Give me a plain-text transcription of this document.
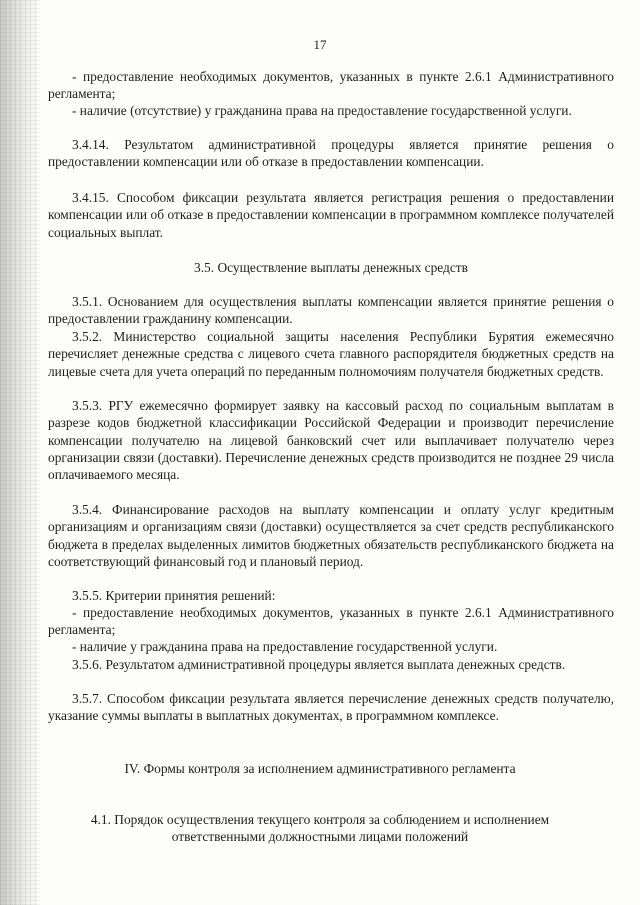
17

- предоставление необходимых документов, указанных в пункте 2.6.1 Административного регламента;

- наличие (отсутствие) у гражданина права на предоставление государственной услуги.

3.4.14. Результатом административной процедуры является принятие решения о предоставлении компенсации или об отказе в предоставлении компенсации.

3.4.15. Способом фиксации результата является регистрация решения о предоставлении компенсации или об отказе в предоставлении компенсации в программном комплексе получателей социальных выплат.

3.5. Осуществление выплаты денежных средств

3.5.1. Основанием для осуществления выплаты компенсации является принятие решения о предоставлении гражданину компенсации.

3.5.2. Министерство социальной защиты населения Республики Бурятия ежемесячно перечисляет денежные средства с лицевого счета главного распорядителя бюджетных средств на лицевые счета для учета операций по переданным полномочиям получателя бюджетных средств.

3.5.3. РГУ ежемесячно формирует заявку на кассовый расход по социальным выплатам в разрезе кодов бюджетной классификации Российской Федерации и производит перечисление компенсации получателю на лицевой банковский счет или выплачивает получателю через организации связи (доставки). Перечисление денежных средств производится не позднее 29 числа оплачиваемого месяца.

3.5.4. Финансирование расходов на выплату компенсации и оплату услуг кредитным организациям и организациям связи (доставки) осуществляется за счет средств республиканского бюджета в пределах выделенных лимитов бюджетных обязательств республиканского бюджета на соответствующий финансовый год и плановый период.

3.5.5. Критерии принятия решений:

- предоставление необходимых документов, указанных в пункте 2.6.1 Административного регламента;

- наличие у гражданина права на предоставление государственной услуги.

3.5.6. Результатом административной процедуры является выплата денежных средств.

3.5.7. Способом фиксации результата является перечисление денежных средств получателю, указание суммы выплаты в выплатных документах, в программном комплексе.

IV. Формы контроля за исполнением административного регламента

4.1. Порядок осуществления текущего контроля за соблюдением и исполнением ответственными должностными лицами положений
